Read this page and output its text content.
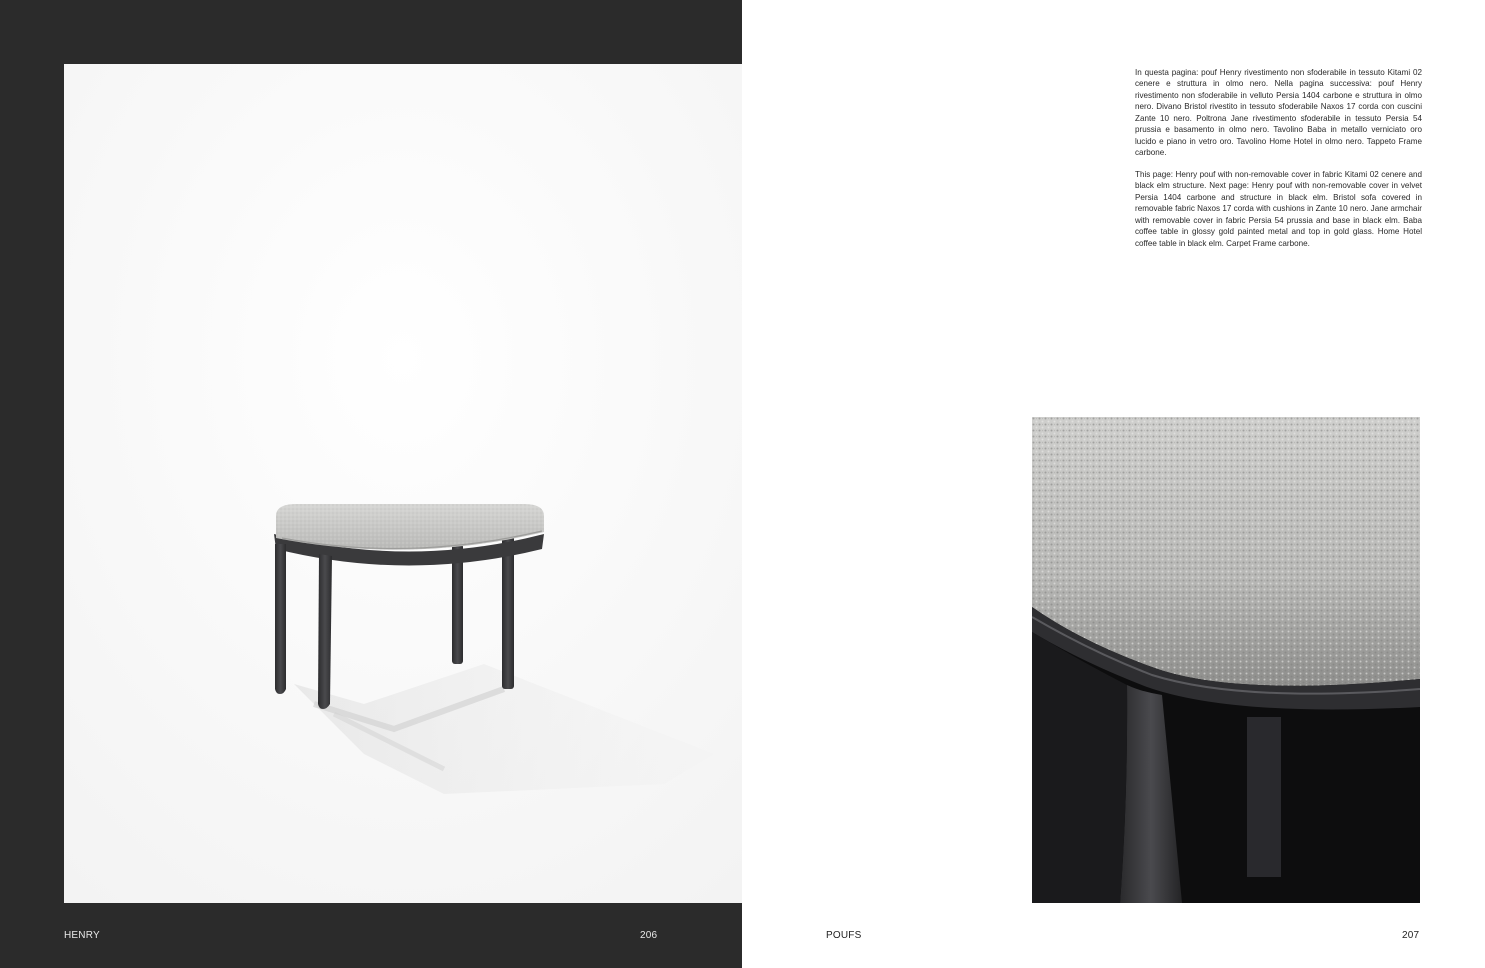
HENRY	206	POUFS	207

In questa pagina: pouf Henry rivestimento non sfoderabile in tessuto Kitami 02 cenere e struttura in olmo nero. Nella pagina successiva: pouf Henry rivestimento non sfoderabile in velluto Persia 1404 carbone e struttura in olmo nero. Divano Bristol rivestito in tessuto sfoderabile Naxos 17 corda con cuscini Zante 10 nero. Poltrona Jane rivestimento sfoderabile in tessuto Persia 54 prussia e basamento in olmo nero. Tavolino Baba in metallo verniciato oro lucido e piano in vetro oro. Tavolino Home Hotel in olmo nero. Tappeto Frame carbone.

This page: Henry pouf with non-removable cover in fabric Kitami 02 cenere and black elm structure. Next page: Henry pouf with non-removable cover in velvet Persia 1404 carbone and structure in black elm. Bristol sofa covered in removable fabric Naxos 17 corda with cushions in Zante 10 nero. Jane armchair with removable cover in fabric Persia 54 prussia and base in black elm. Baba coffee table in glossy gold painted metal and top in gold glass. Home Hotel coffee table in black elm. Carpet Frame carbone.
